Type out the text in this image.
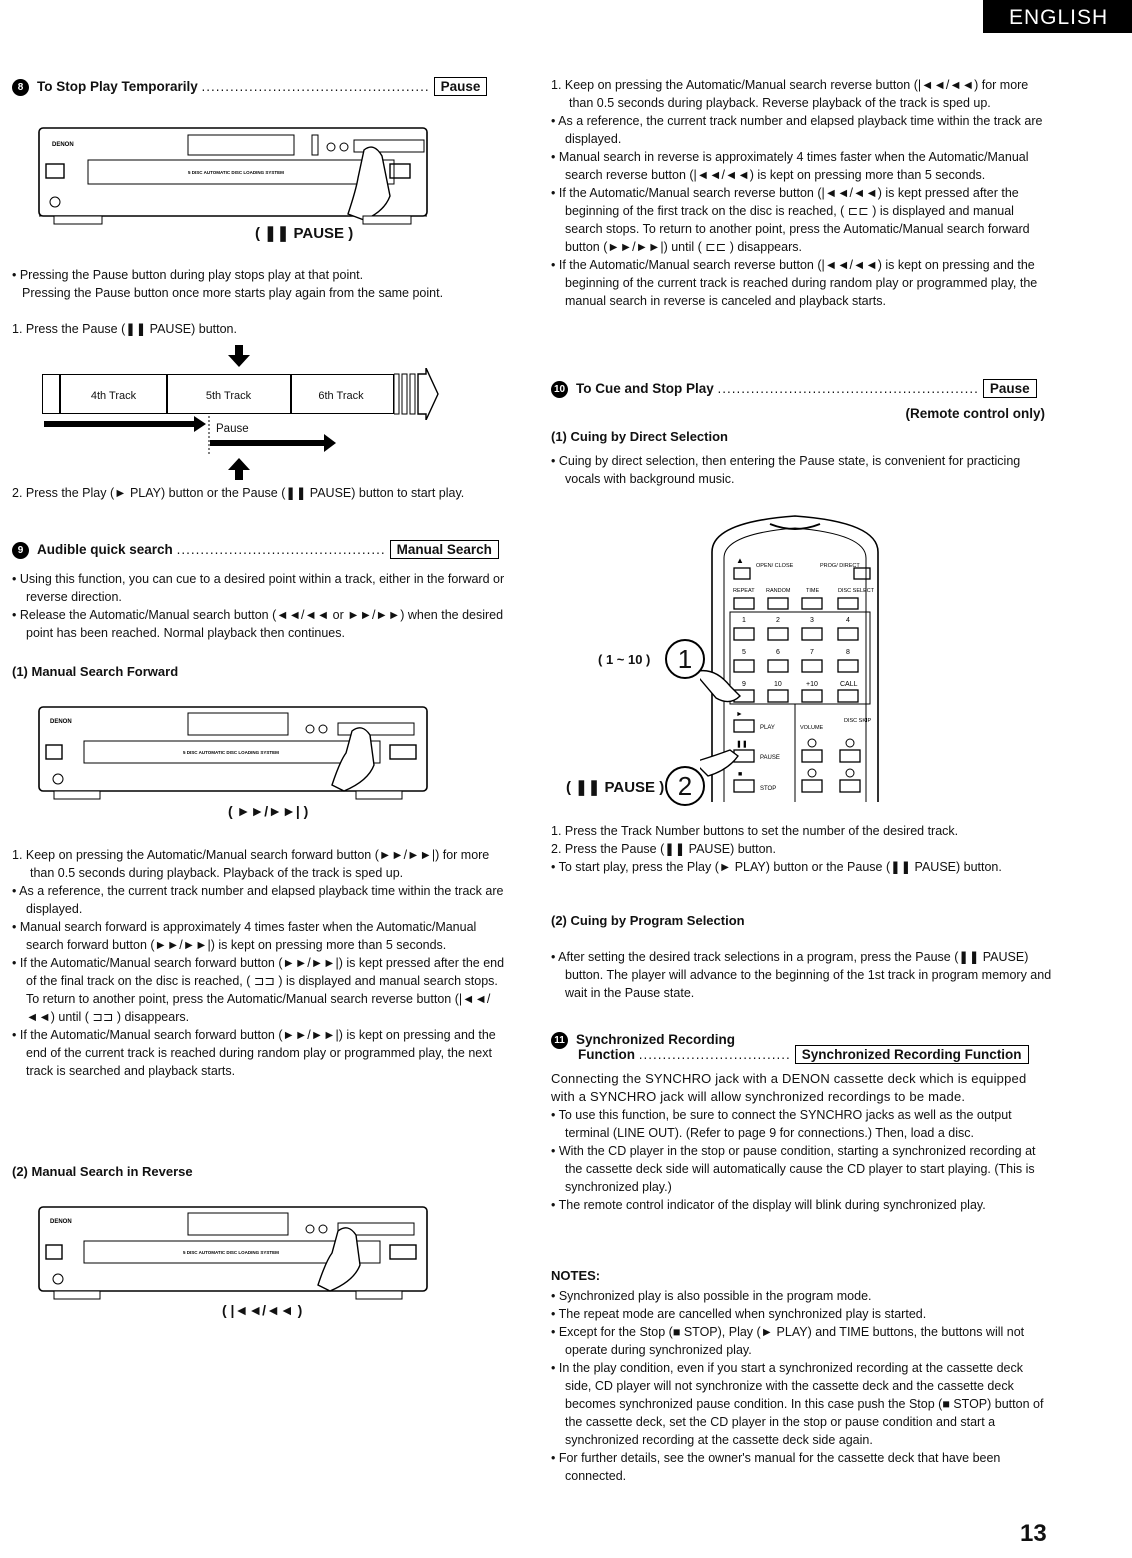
ENGLISH
8 To Stop Play Temporarily ................................................ Pause
DENON
5 DISC AUTOMATIC DISC LOADING SYSTEM
( ❚❚ PAUSE )
• Pressing the Pause button during play stops play at that point.
Pressing the Pause button once more starts play again from the same point.
1. Press the Pause (❚❚ PAUSE) button.
4th Track	5th Track	6th Track
Pause
2. Press the Play (► PLAY) button or the Pause (❚❚ PAUSE) button to start play.
9 Audible quick search ............................................ Manual Search
• Using this function, you can cue to a desired point within a track, either in the forward or reverse direction.
• Release the Automatic/Manual search button (◄◄/◄◄ or ►►/►►) when the desired point has been reached. Normal playback then continues.
(1) Manual Search Forward
DENON
5 DISC AUTOMATIC DISC LOADING SYSTEM
( ►►/►►| )
1. Keep on pressing the Automatic/Manual search forward button (►►/►►|) for more than 0.5 seconds during playback. Playback of the track is sped up.
• As a reference, the current track number and elapsed playback time within the track are displayed.
• Manual search forward is approximately 4 times faster when the Automatic/Manual search forward button (►►/►►|) is kept on pressing more than 5 seconds.
• If the Automatic/Manual search forward button (►►/►►|) is kept pressed after the end of the final track on the disc is reached, ( ⊐⊐ ) is displayed and manual search stops. To return to another point, press the Automatic/Manual search reverse button (|◄◄/◄◄) until ( ⊐⊐ ) disappears.
• If the Automatic/Manual search forward button (►►/►►|) is kept on pressing and the end of the current track is reached during random play or programmed play, the next track is searched and playback starts.
(2) Manual Search in Reverse
DENON
5 DISC AUTOMATIC DISC LOADING SYSTEM
( |◄◄/◄◄ )
1. Keep on pressing the Automatic/Manual search reverse button (|◄◄/◄◄) for more than 0.5 seconds during playback. Reverse playback of the track is sped up.
• As a reference, the current track number and elapsed playback time within the track are displayed.
• Manual search in reverse is approximately 4 times faster when the Automatic/Manual search reverse button (|◄◄/◄◄) is kept on pressing more than 5 seconds.
• If the Automatic/Manual search reverse button (|◄◄/◄◄) is kept pressed after the beginning of the first track on the disc is reached, ( ⊏⊏ ) is displayed and manual search stops. To return to another point, press the Automatic/Manual search forward button (►►/►►|) until ( ⊏⊏ ) disappears.
• If the Automatic/Manual search reverse button (|◄◄/◄◄) is kept on pressing and the beginning of the current track is reached during random play or programmed play, the manual search in reverse is canceled and playback starts.
10 To Cue and Stop Play ....................................................... Pause
(Remote control only)
(1) Cuing by Direct Selection
• Cuing by direct selection, then entering the Pause state, is convenient for practicing vocals with background music.
▲
OPEN/ CLOSE	PROG/ DIRECT
REPEAT RANDOM	TIME	DISC SELECT
1	2	3	4
5	6	7	8
9	10	+10	CALL
►
PLAY	VOLUME
DISC SKIP
❚❚
PAUSE
■
STOP
( 1 ~ 10 )	1
( ❚❚ PAUSE ) 2
1. Press the Track Number buttons to set the number of the desired track.
2. Press the Pause (❚❚ PAUSE) button.
• To start play, press the Play (► PLAY) button or the Pause (❚❚ PAUSE) button.
(2) Cuing by Program Selection
• After setting the desired track selections in a program, press the Pause (❚❚ PAUSE) button. The player will advance to the beginning of the 1st track in program memory and wait in the Pause state.
11 Synchronized Recording
Function ................................ Synchronized Recording Function
Connecting the SYNCHRO jack with a DENON cassette deck which is equipped with a SYNCHRO jack will allow synchronized recordings to be made.
• To use this function, be sure to connect the SYNCHRO jacks as well as the output terminal (LINE OUT). (Refer to page 9 for connections.) Then, load a disc.
• With the CD player in the stop or pause condition, starting a synchronized recording at the cassette deck side will automatically cause the CD player to start playing. (This is synchronized play.)
• The remote control indicator of the display will blink during synchronized play.
NOTES:
• Synchronized play is also possible in the program mode.
• The repeat mode are cancelled when synchronized play is started.
• Except for the Stop (■ STOP), Play (► PLAY) and TIME buttons, the buttons will not operate during synchronized play.
• In the play condition, even if you start a synchronized recording at the cassette deck side, CD player will not synchronize with the cassette deck and the cassette deck becomes synchronized pause condition. In this case push the Stop (■ STOP) button of the cassette deck, set the CD player in the stop or pause condition and start a synchronized recording at the cassette deck side again.
• For further details, see the owner's manual for the cassette deck that have been connected.
13
